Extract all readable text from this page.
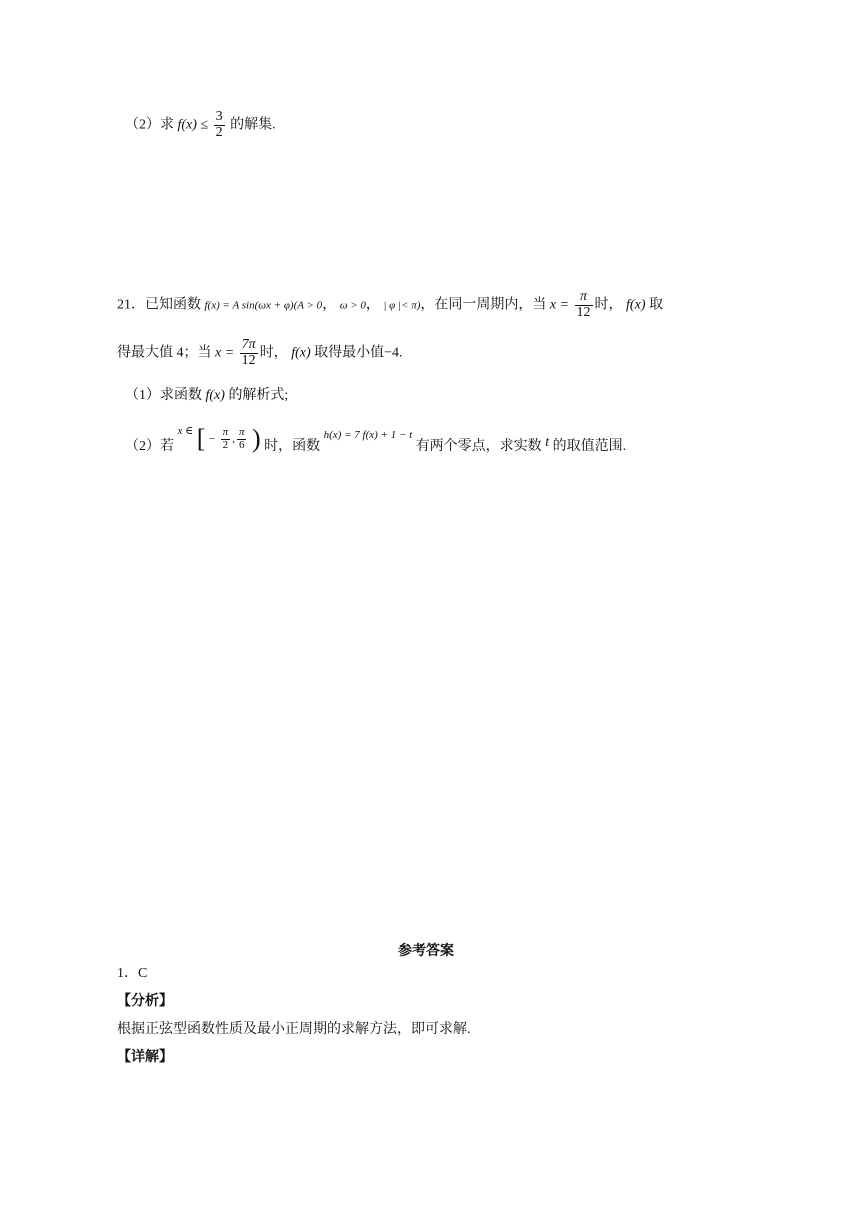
（2）求 $f(x) \le \frac{3}{2}$ 的解集.
21．已知函数 f(x) = A sin(ωx + φ)(A > 0， ω > 0， | φ |< π)，在同一周期内，当 $x = \frac{\pi}{12}$ 时， f(x) 取
得最大值 4；当 $x = \frac{7\pi}{12}$ 时， f(x) 取得最小值−4.
（1）求函数 f(x) 的解析式;
（2）若 $^{x \in}$ [ − $\frac{\pi}{2}$ , $\frac{\pi}{6}$ ) 时，函数 $^{h(x) = 7 f(x) + 1 - t}$ 有两个零点，求实数 t 的取值范围.
参考答案
1．C
【分析】
根据正弦型函数性质及最小正周期的求解方法，即可求解.
【详解】
